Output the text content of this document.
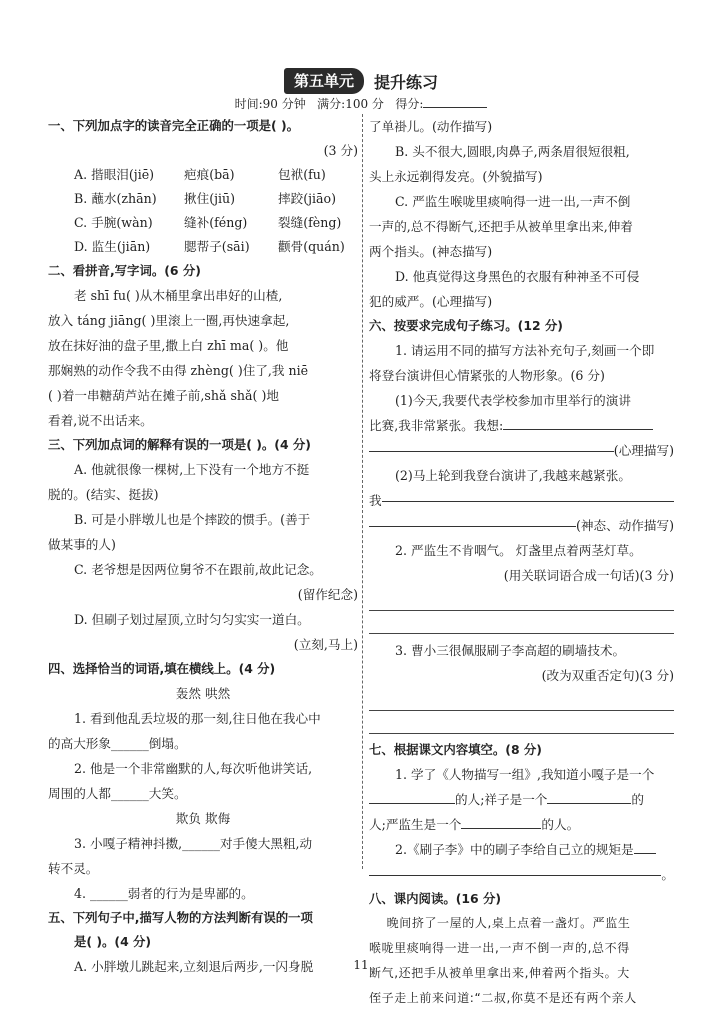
第五单元 提升练习
时间:90 分钟 满分:100 分 得分:
一、下列加点字的读音完全正确的一项是( )。
(3 分)
A. 揩眼泪(jiē)	疤痕(bā)	包袱(fu)
B. 蘸水(zhān)	揪住(jiū)	摔跤(jiāo)
C. 手腕(wàn)	缝补(féng)	裂缝(fèng)
D. 监生(jiān)	腮帮子(sāi)	颧骨(quán)
二、看拼音,写字词。(6 分)
老 shī fu( )从木桶里拿出串好的山楂,
放入 táng jiāng( )里滚上一圈,再快速拿起,
放在抹好油的盘子里,撒上白 zhī ma( )。他
那娴熟的动作令我不由得 zhèng( )住了,我 niē
( )着一串糖葫芦站在摊子前,shǎ shǎ( )地
看着,说不出话来。
三、下列加点词的解释有误的一项是( )。(4 分)
A. 他就很像一棵树,上下没有一个地方不挺
脱的。(结实、挺拔)
B. 可是小胖墩儿也是个摔跤的惯手。(善于
做某事的人)
C. 老爷想是因两位舅爷不在跟前,故此记念。
(留作纪念)
D. 但刷子划过屋顶,立时匀匀实实一道白。
(立刻,马上)
四、选择恰当的词语,填在横线上。(4 分)
轰然 哄然
1. 看到他乱丢垃圾的那一刻,往日他在我心中
的高大形象______倒塌。
2. 他是一个非常幽默的人,每次听他讲笑话,
周围的人都______大笑。
欺负 欺侮
3. 小嘎子精神抖擞,______对手傻大黑粗,动
转不灵。
4. ______弱者的行为是卑鄙的。
五、下列句子中,描写人物的方法判断有误的一项
是( )。(4 分)
A. 小胖墩儿跳起来,立刻退后两步,一闪身脱
了单褂儿。(动作描写)
B. 头不很大,圆眼,肉鼻子,两条眉很短很粗,
头上永远剃得发亮。(外貌描写)
C. 严监生喉咙里痰响得一进一出,一声不倒
一声的,总不得断气,还把手从被单里拿出来,伸着
两个指头。(神态描写)
D. 他真觉得这身黑色的衣服有种神圣不可侵
犯的威严。(心理描写)
六、按要求完成句子练习。(12 分)
1. 请运用不同的描写方法补充句子,刻画一个即
将登台演讲但心情紧张的人物形象。(6 分)
(1)今天,我要代表学校参加市里举行的演讲
比赛,我非常紧张。我想:
(心理描写)
(2)马上轮到我登台演讲了,我越来越紧张。
我
(神态、动作描写)
2. 严监生不肯咽气。 灯盏里点着两茎灯草。
(用关联词语合成一句话)(3 分)
3. 曹小三很佩服刷子李高超的刷墙技术。
(改为双重否定句)(3 分)
七、根据课文内容填空。(8 分)
1. 学了《人物描写一组》,我知道小嘎子是一个
的人;祥子是一个	的
人;严监生是一个	的人。
2.《刷子李》中的刷子李给自己立的规矩是
。
八、课内阅读。(16 分)
晚间挤了一屋的人,桌上点着一盏灯。严监生
喉咙里痰响得一进一出,一声不倒一声的,总不得
断气,还把手从被单里拿出来,伸着两个指头。大
侄子走上前来问道:“二叔,你莫不是还有两个亲人
11
